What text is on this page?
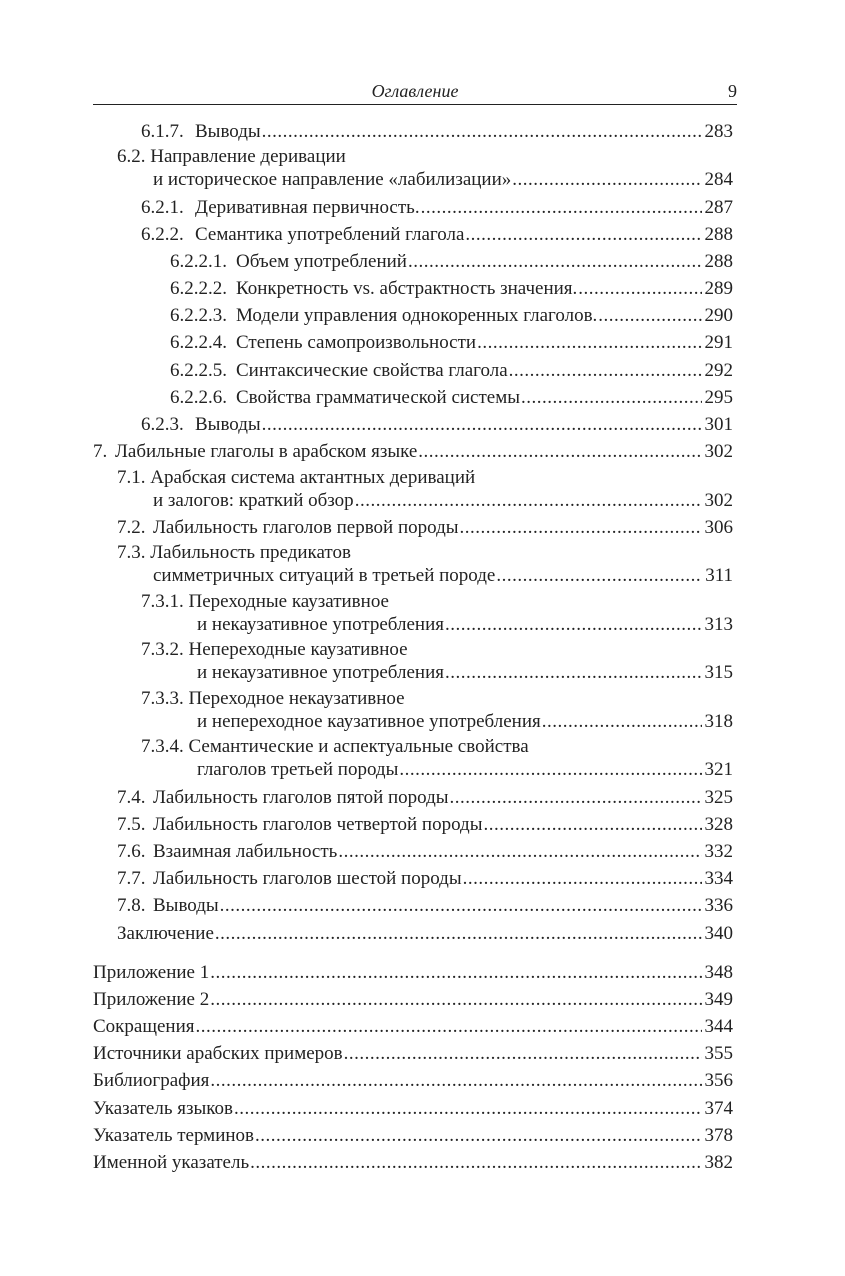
Оглавление	9
6.1.7. Выводы .....	283
6.2. Направление деривации
и историческое направление «лабилизации» .....	284
6.2.1. Деривативная первичность. .....	287
6.2.2. Семантика употреблений глагола .....	288
6.2.2.1. Объем употреблений .....	288
6.2.2.2. Конкретность vs. абстрактность значения. .....	289
6.2.2.3. Модели управления однокоренных глаголов. .....	290
6.2.2.4. Степень самопроизвольности .....	291
6.2.2.5. Синтаксические свойства глагола .....	292
6.2.2.6. Свойства грамматической системы .....	295
6.2.3. Выводы .....	301
7. Лабильные глаголы в арабском языке .....	302
7.1. Арабская система актантных дериваций
и залогов: краткий обзор .....	302
7.2. Лабильность глаголов первой породы .....	306
7.3. Лабильность предикатов
симметричных ситуаций в третьей породе .....	311
7.3.1. Переходные каузативное
и некаузативное употребления .....	313
7.3.2. Непереходные каузативное
и некаузативное употребления .....	315
7.3.3. Переходное некаузативное
и непереходное каузативное употребления .....	318
7.3.4. Семантические и аспектуальные свойства
глаголов третьей породы .....	321
7.4. Лабильность глаголов пятой породы .....	325
7.5. Лабильность глаголов четвертой породы .....	328
7.6. Взаимная лабильность .....	332
7.7. Лабильность глаголов шестой породы .....	334
7.8. Выводы .....	336
Заключение .....	340
Приложение 1 .....	348
Приложение 2 .....	349
Сокращения .....	344
Источники арабских примеров .....	355
Библиография .....	356
Указатель языков .....	374
Указатель терминов .....	378
Именной указатель .....	382
